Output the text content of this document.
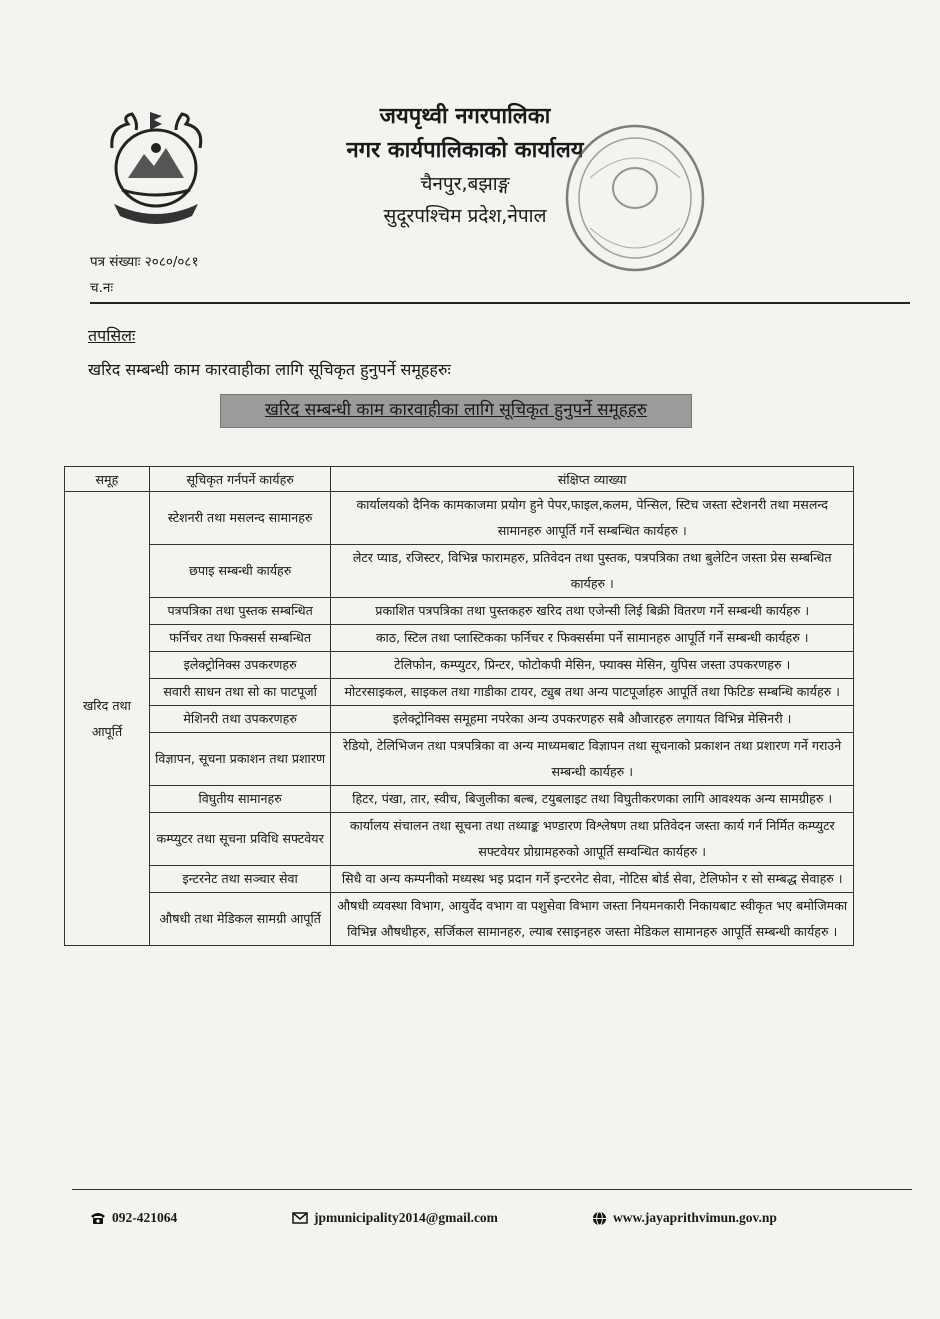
जयपृथ्वी नगरपालिका
नगर कार्यपालिकाको कार्यालय
चैनपुर,बझाङ्ग
सुदूरपश्चिम प्रदेश,नेपाल
पत्र संख्याः २०८०/०८१
च.नः
तपसिलः
खरिद सम्बन्धी काम कारवाहीका लागि सूचिकृत हुनुपर्ने समूहहरुः
खरिद सम्बन्धी काम कारवाहीका लागि सूचिकृत हुनुपर्ने समूहहरु
समूह	सूचिकृत गर्नपर्ने कार्यहरु	संक्षिप्त व्याख्या
खरिद तथा आपूर्ति	स्टेशनरी तथा मसलन्द सामानहरु	कार्यालयको दैनिक कामकाजमा प्रयोग हुने पेपर,फाइल,कलम, पेन्सिल, स्टिच जस्ता स्टेशनरी तथा मसलन्द सामानहरु आपूर्ति गर्ने सम्बन्धित कार्यहरु ।
	छपाइ सम्बन्धी कार्यहरु	लेटर प्याड, रजिस्टर, विभिन्न फारामहरु, प्रतिवेदन तथा पुस्तक, पत्रपत्रिका तथा बुलेटिन जस्ता प्रेस सम्बन्धित कार्यहरु ।
	पत्रपत्रिका तथा पुस्तक सम्बन्धित	प्रकाशित पत्रपत्रिका तथा पुस्तकहरु खरिद तथा एजेन्सी लिई बिक्री वितरण गर्ने सम्बन्धी कार्यहरु ।
	फर्निचर तथा फिक्सर्स सम्बन्धित	काठ, स्टिल तथा प्लास्टिकका फर्निचर र फिक्सर्समा पर्ने सामानहरु आपूर्ति गर्ने सम्बन्धी कार्यहरु ।
	इलेक्ट्रोनिक्स उपकरणहरु	टेलिफोन, कम्प्युटर, प्रिन्टर, फोटोकपी मेसिन, फ्याक्स मेसिन, युपिस जस्ता उपकरणहरु ।
	सवारी साधन तथा सो का पाटपूर्जा	मोटरसाइकल, साइकल तथा गाडीका टायर, ट्युब तथा अन्य पाटपूर्जाहरु आपूर्ति तथा फिटिङ सम्बन्धि कार्यहरु ।
	मेशिनरी तथा उपकरणहरु	इलेक्ट्रोनिक्स समूहमा नपरेका अन्य उपकरणहरु सबै औजारहरु लगायत विभिन्न मेसिनरी ।
	विज्ञापन, सूचना प्रकाशन तथा प्रशारण	रेडियो, टेलिभिजन तथा पत्रपत्रिका वा अन्य माध्यमबाट विज्ञापन तथा सूचनाको प्रकाशन तथा प्रशारण गर्ने गराउने सम्बन्धी कार्यहरु ।
	विघुतीय सामानहरु	हिटर, पंखा, तार, स्वीच, बिजुलीका बल्ब, टयुबलाइट तथा विघुतीकरणका लागि आवश्यक अन्य सामग्रीहरु ।
	कम्प्युटर तथा सूचना प्रविधि सफ्टवेयर	कार्यालय संचालन तथा सूचना तथा तथ्याङ्क भण्डारण विश्लेषण तथा प्रतिवेदन जस्ता कार्य गर्न निर्मित कम्प्युटर सफ्टवेयर प्रोग्रामहरुको आपूर्ति सम्वन्धित कार्यहरु ।
	इन्टरनेट तथा सञ्चार सेवा	सिधै वा अन्य कम्पनीको मध्यस्थ भइ प्रदान गर्ने इन्टरनेट सेवा, नोटिस बोर्ड सेवा, टेलिफोन र सो सम्बद्ध सेवाहरु ।
	औषधी तथा मेडिकल सामग्री आपूर्ति	औषधी व्यवस्था विभाग, आयुर्वेद वभाग वा पशुसेवा विभाग जस्ता नियमनकारी निकायबाट स्वीकृत भए बमोजिमका विभिन्न औषधीहरु, सर्जिकल सामानहरु, ल्याब रसाइनहरु जस्ता मेडिकल सामानहरु आपूर्ति सम्बन्धी कार्यहरु ।
092-421064	jpmunicipality2014@gmail.com	www.jayaprithvimun.gov.np
